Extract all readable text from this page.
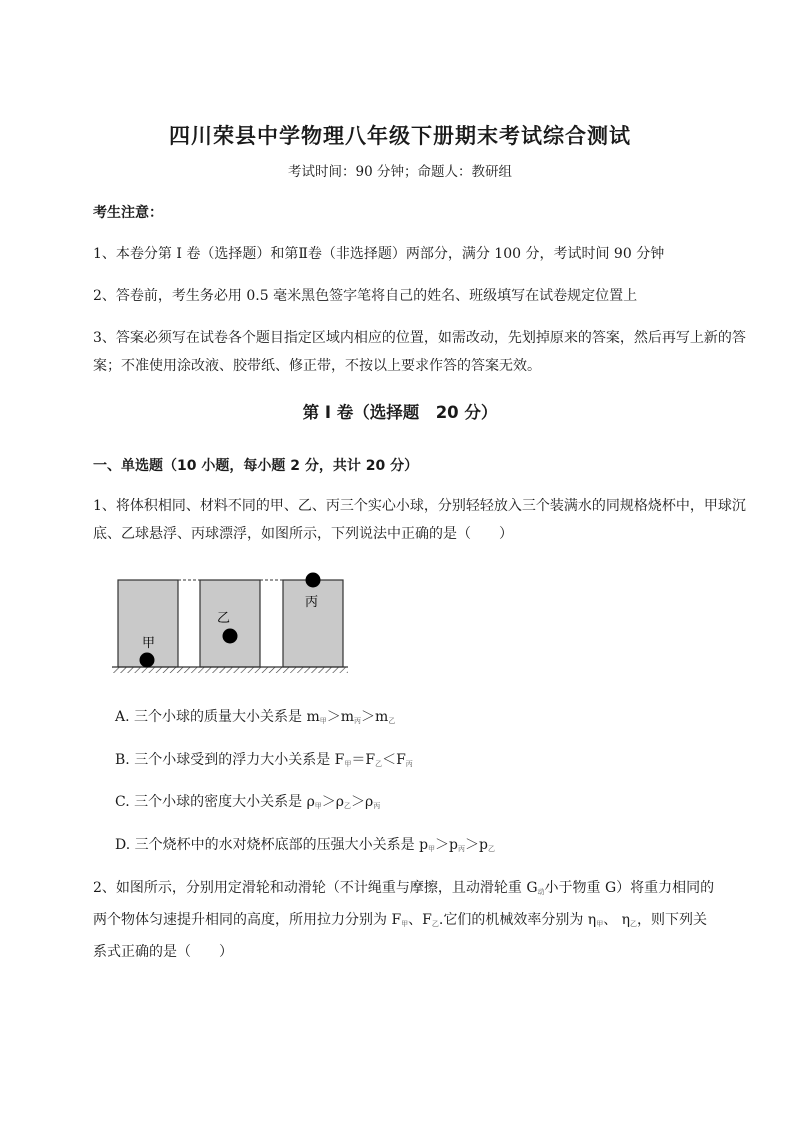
四川荣县中学物理八年级下册期末考试综合测试
考试时间：90 分钟；命题人：教研组
考生注意：
1、本卷分第 I 卷（选择题）和第Ⅱ卷（非选择题）两部分，满分 100 分，考试时间 90 分钟
2、答卷前，考生务必用 0.5 毫米黑色签字笔将自己的姓名、班级填写在试卷规定位置上
3、答案必须写在试卷各个题目指定区域内相应的位置，如需改动，先划掉原来的答案，然后再写上新的答案；不准使用涂改液、胶带纸、修正带，不按以上要求作答的答案无效。
第 I 卷（选择题　20 分）
一、单选题（10 小题，每小题 2 分，共计 20 分）
1、将体积相同、材料不同的甲、乙、丙三个实心小球，分别轻轻放入三个装满水的同规格烧杯中，甲球沉底、乙球悬浮、丙球漂浮，如图所示，下列说法中正确的是（　　）
甲
乙
丙
A. 三个小球的质量大小关系是 $m_甲>m_丙>m_乙$
B. 三个小球受到的浮力大小关系是 $F_甲=F_乙<F_丙$
C. 三个小球的密度大小关系是 $\rho_甲>\rho_乙>\rho_丙$
D. 三个烧杯中的水对烧杯底部的压强大小关系是 $p_甲>p_丙>p_乙$
2、如图所示，分别用定滑轮和动滑轮（不计绳重与摩擦，且动滑轮重 $G_动$小于物重 G）将重力相同的
两个物体匀速提升相同的高度，所用拉力分别为 $F_甲$、$F_乙$.它们的机械效率分别为 $\eta_甲$、 $\eta_乙$，则下列关
系式正确的是（　　）
